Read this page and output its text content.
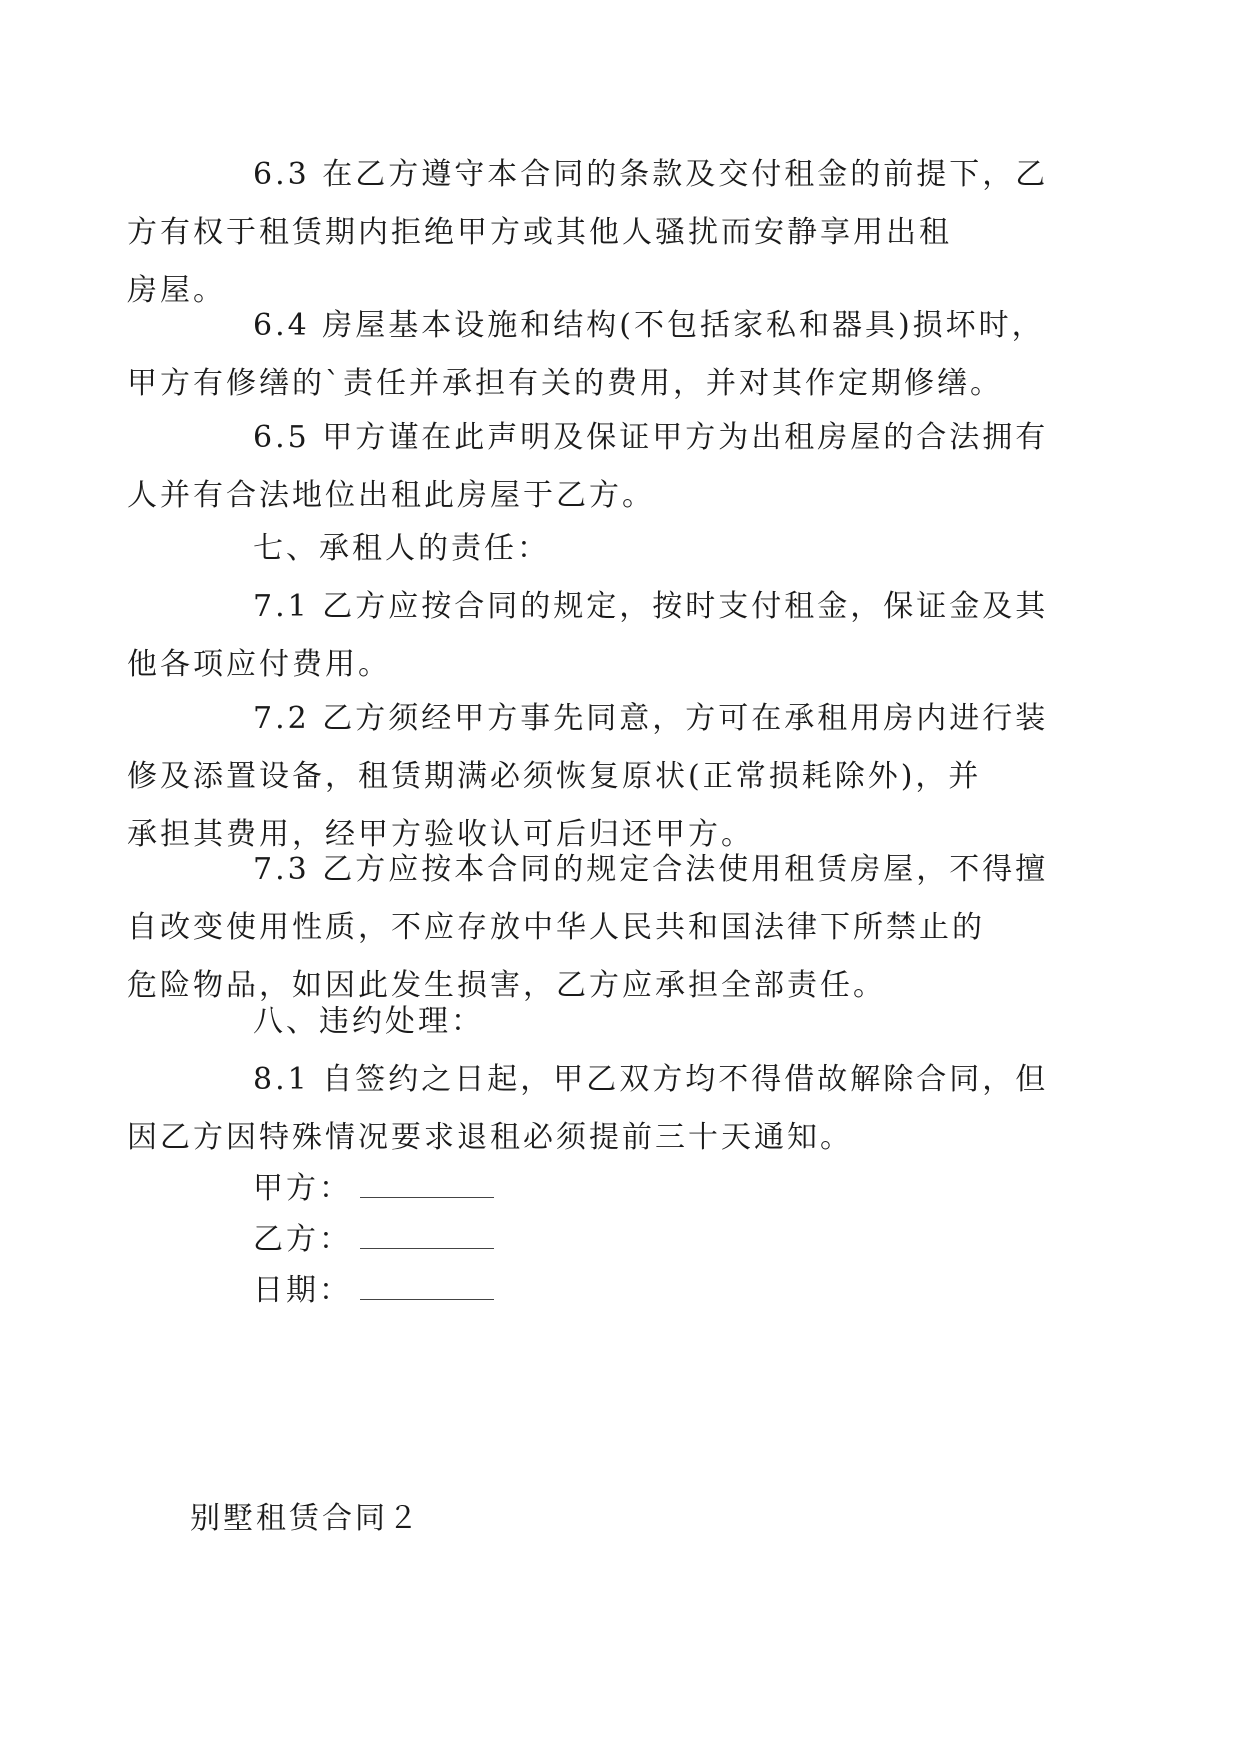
6.3 在乙方遵守本合同的条款及交付租金的前提下，乙
方有权于租赁期内拒绝甲方或其他人骚扰而安静享用出租
房屋。

6.4 房屋基本设施和结构(不包括家私和器具)损坏时，
甲方有修缮的`责任并承担有关的费用，并对其作定期修缮。

6.5 甲方谨在此声明及保证甲方为出租房屋的合法拥有
人并有合法地位出租此房屋于乙方。

七、承租人的责任：

7.1 乙方应按合同的规定，按时支付租金，保证金及其
他各项应付费用。

7.2 乙方须经甲方事先同意，方可在承租用房内进行装
修及添置设备，租赁期满必须恢复原状(正常损耗除外)，并
承担其费用，经甲方验收认可后归还甲方。

7.3 乙方应按本合同的规定合法使用租赁房屋，不得擅
自改变使用性质，不应存放中华人民共和国法律下所禁止的
危险物品，如因此发生损害，乙方应承担全部责任。

八、违约处理：

8.1 自签约之日起，甲乙双方均不得借故解除合同，但
因乙方因特殊情况要求退租必须提前三十天通知。

甲方：
乙方：
日期：
别墅租赁合同２
